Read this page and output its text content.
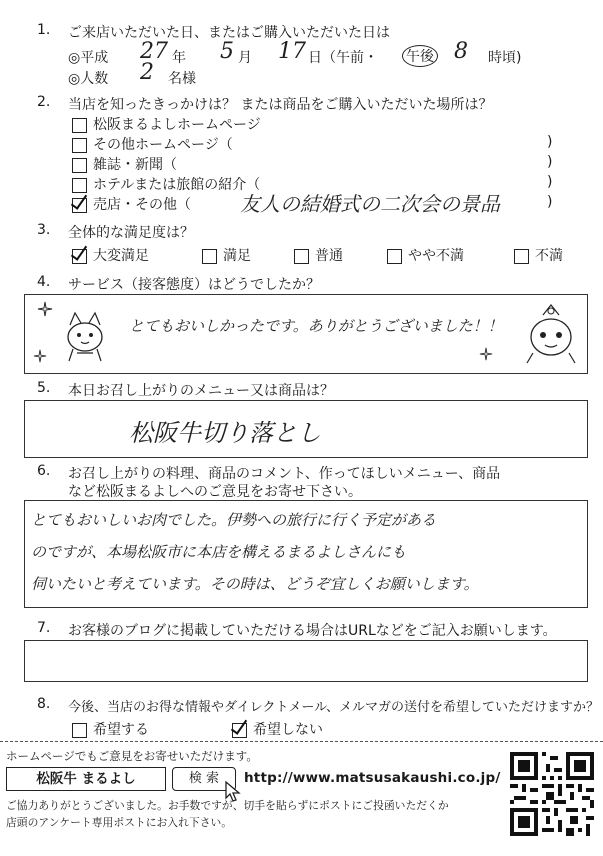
1. ご来店いただいた日、またはご購入いただいた日は
◎平成 27 年 5 月 17 日（午前・ 午後 8 時頃)
◎人数 2 名様
2. 当店を知ったきっかけは？ または商品をご購入いただいた場所は？
松阪まるよしホームページ
その他ホームページ（	)
雑誌・新聞（	)
ホテルまたは旅館の紹介（	)
売店・その他（ 友人の結婚式の二次会の景品	)
3. 全体的な満足度は？
大変満足	満足	普通	やや不満	不満
4. サービス（接客態度）はどうでしたか？
とてもおいしかったです。ありがとうございました！！
5. 本日お召し上がりのメニュー又は商品は？
松阪牛切り落とし
6. お召し上がりの料理、商品のコメント、作ってほしいメニュー、商品
など松阪まるよしへのご意見をお寄せ下さい。
とてもおいしいお肉でした。伊勢への旅行に行く予定がある
のですが、本場松阪市に本店を構えるまるよしさんにも
伺いたいと考えています。その時は、どうぞ宜しくお願いします。
7. お客様のブログに掲載していただける場合はURLなどをご記入お願いします。
8. 今後、当店のお得な情報やダイレクトメール、メルマガの送付を希望していただけますか？
希望する	希望しない
ホームページでもご意見をお寄せいただけます。
松阪牛 まるよし	検 索	http://www.matsusakaushi.co.jp/
ご協力ありがとうございました。お手数ですが、切手を貼らずにポストにご投函いただくか
店頭のアンケート専用ポストにお入れ下さい。
